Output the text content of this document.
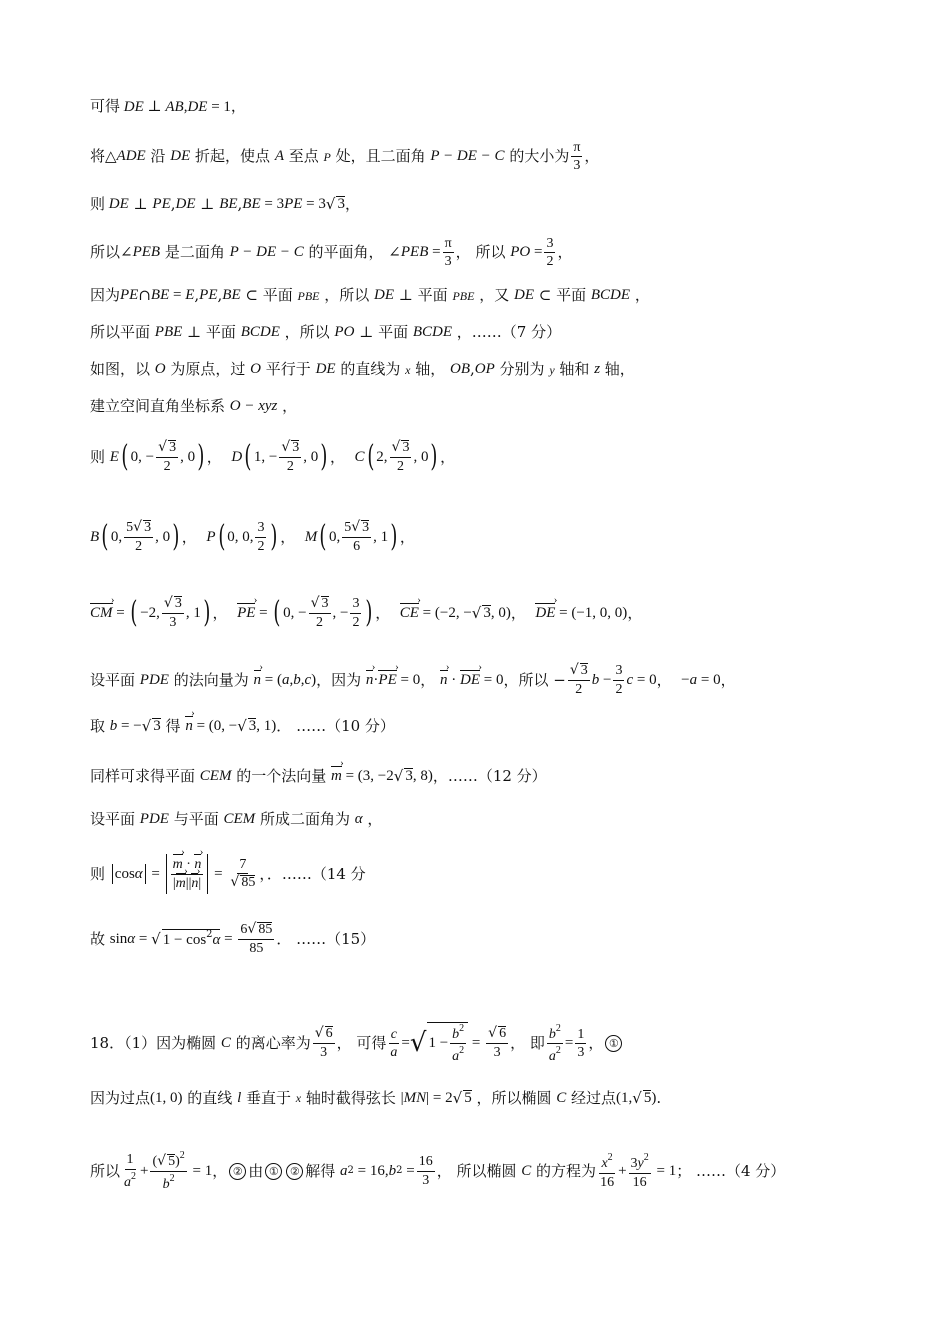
可得 DE ⊥ AB , DE = 1，
将△ ADE 沿 DE 折起，使点 A 至点 P 处，且二面角 P − DE − C 的大小为 $\frac{\pi}{3}$ ，
则 DE ⊥ PE , DE ⊥ BE , BE = 3 PE = 3 √ 3 ，
所以∠ PEB 是二面角 P − DE − C 的平面角， ∠ PEB = $\frac{\pi}{3}$ ， 所以 PO = $\frac{3}{2}$ ，
因为 PE ∩ BE = E , PE , BE ⊂ 平面 PBE ，所以 DE ⊥ 平面 PBE ，又 DE ⊂ 平面 BCDE ，
所以平面 PBE ⊥ 平面 BCDE ，所以 PO ⊥ 平面 BCDE ，……（7 分）
如图，以 O 为原点，过 O 平行于 DE 的直线为 x 轴， OB , OP 分别为 y 轴和 z 轴，
建立空间直角坐标系 O − xyz ，
则 E ( 0, − $\frac{√ 3}{2}$ , 0 ) ， D ( 1, − $\frac{√ 3}{2}$ , 0 ) ， C ( 2, $\frac{√ 3}{2}$ , 0 ) ，
B ( 0, $\frac{5√ 3}{2}$ , 0 ) ， P ( 0, 0, $\frac{3}{2}$ ) ， M ( 0, $\frac{5√ 3}{6}$ , 1 ) ，
CM › = ( −2, $\frac{√ 3}{3}$ , 1 ) ， PE › = ( 0, − $\frac{√ 3}{2}$ , − $\frac{3}{2}$ ) ， CE › = (−2, − √ 3 , 0) ， DE › = (−1, 0, 0) ，
设平面 PDE 的法向量为 n › = ( a , b , c ) ，因为 n › · PE › = 0 ， n › · DE › = 0 ，所以 − $\frac{√ 3}{2}$ $b - \frac{3}{2}$ c = 0 ， − a = 0 ，
取 b = − √ 3 得 n › = (0, − √ 3 , 1) ． ……（10 分）
同样可求得平面 CEM 的一个法向量 m › = (3, −2 √ 3 , 8) ，……（12 分）
设平面 PDE 与平面 CEM 所成二面角为 α ，
则 $\cos \alpha = \frac{m › \cdot n ›}{|m ›||n ›|} = \frac{7}{√ 85}$ ，．……（14 分
故 sin α = √ $1 - \cos^2\alpha = \frac{6√ 85}{85}$ ． ……（15）
18．（1）因为椭圆 C 的离心率为 $\frac{√ 6}{3}$ ， 可得 $\frac{c}{a}$ = √ $1 - \frac{b^2}{a^2} = \frac{√ 6}{3}$ ， 即 $\frac{b^2}{a^2} = \frac{1}{3}$ ， ①
因为过点 (1, 0) 的直线 l 垂直于 x 轴时截得弦长 | MN | = 2 √ 5 ，所以椭圆 C 经过点 (1, √ 5 ) .
所以 $\frac{1}{a^2} + \frac{(√ 5)^2}{b^2} = 1$ ， ② 由 ①	② 解得 a 2 = 16, b $2 = \frac{16}{3}$ ， 所以椭圆 C 的方程为 $\frac{x^2}{16} + \frac{3y^2}{16} = 1$ ； ……（4 分）
